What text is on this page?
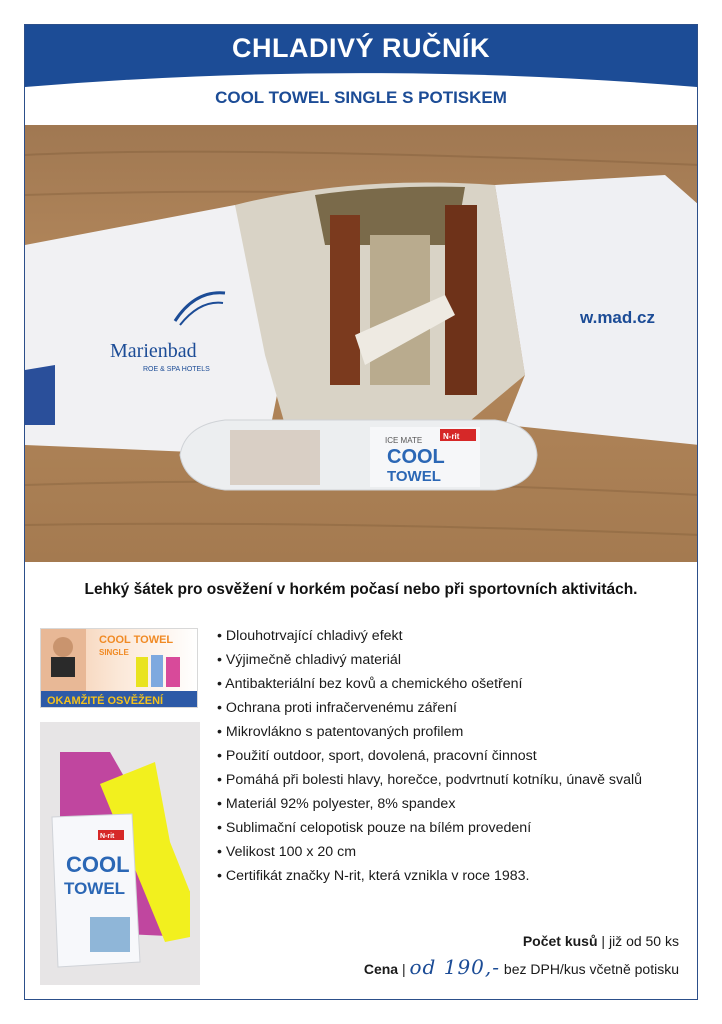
CHLADIVÝ RUČNÍK
COOL TOWEL SINGLE S POTISKEM
Marienbad
ROE & SPA HOTELS
w.mad.cz
N-rit
ICE MATE
COOL
TOWEL
Lehký šátek pro osvěžení v horkém počasí nebo při sportovních aktivitách.
COOL TOWEL
SINGLE
OKAMŽITÉ OSVĚŽENÍ
N-rit
COOL
TOWEL
• Dlouhotrvající chladivý efekt
• Výjimečně chladivý materiál
• Antibakteriální bez kovů a chemického ošetření
• Ochrana proti infračervenému záření
• Mikrovlákno s patentovaných profilem
• Použití outdoor, sport, dovolená, pracovní činnost
• Pomáhá při bolesti hlavy, horečce, podvrtnutí kotníku, únavě svalů
• Materiál 92% polyester, 8% spandex
• Sublimační celopotisk pouze na bílém provedení
• Velikost 100 x 20 cm
• Certifikát značky N-rit, která vznikla v roce 1983.
Počet kusů | již od 50 ks
Cena | od 190,- bez DPH/kus včetně potisku
